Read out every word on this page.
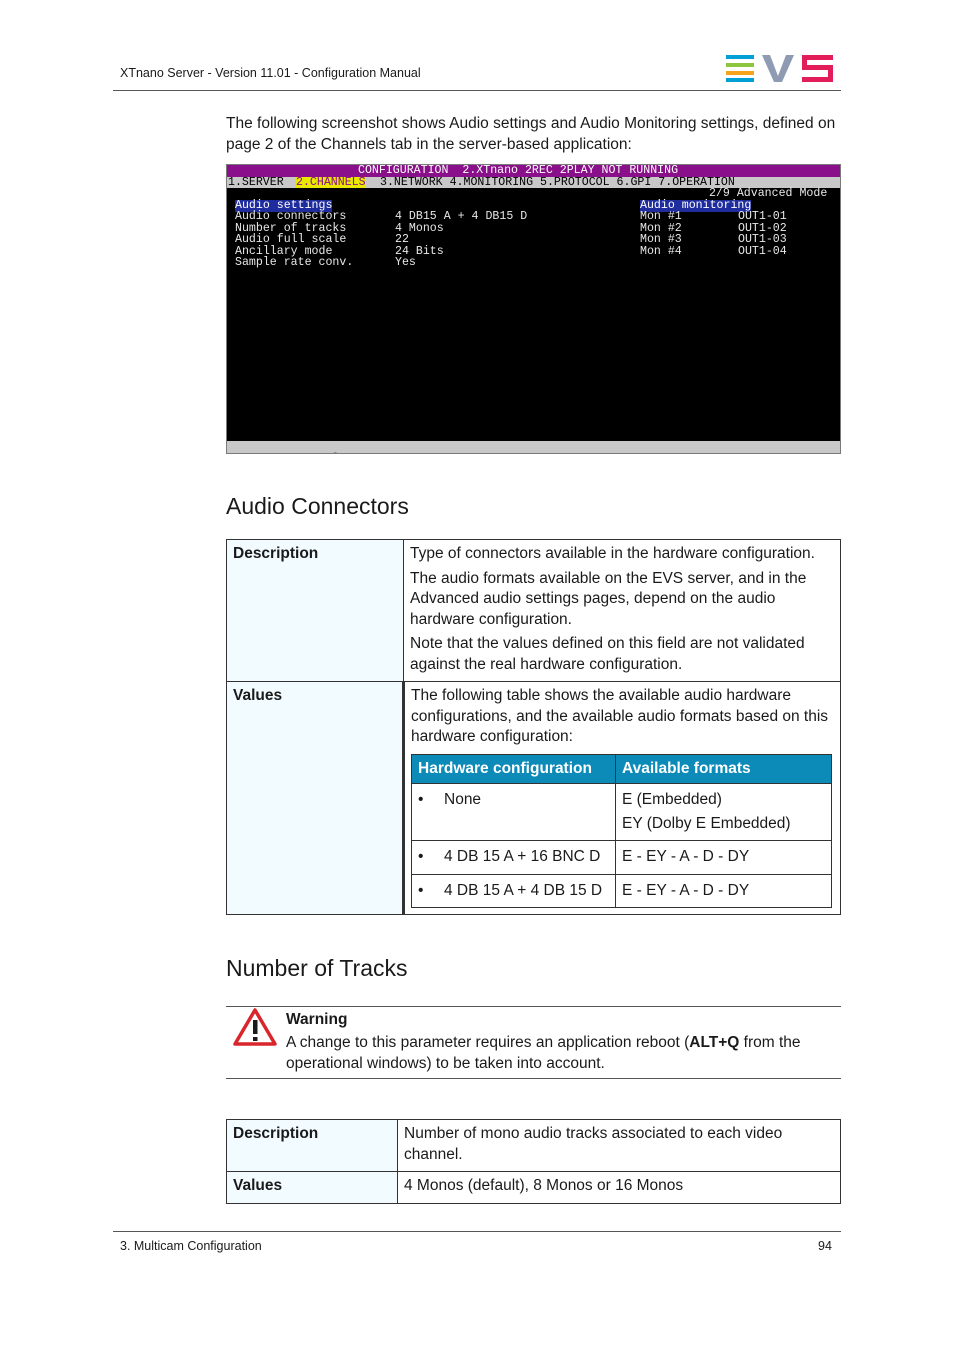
XTnano Server - Version 11.01 - Configuration Manual
The following screenshot shows Audio settings and Audio Monitoring settings, defined on page 2 of the Channels tab in the server-based application:
CONFIGURATION  2.XTnano 2REC 2PLAY NOT RUNNING
1.SERVER 2.CHANNELS 3.NETWORK 4.MONITORING 5.PROTOCOL 6.GPI 7.OPERATION
2/9 Advanced Mode
Audio settings
Audio connectors	4 DB15 A + 4 DB15 D
Number of tracks	4 Monos
Audio full scale	22
Ancillary mode	24 Bits
Sample rate conv.	Yes
Audio monitoring
Mon #1	OUT1-01
Mon #2	OUT1-02
Mon #3	OUT1-03
Mon #4	OUT1-04

Audio Connectors
Description	Type of connectors available in the hardware configuration.

The audio formats available on the EVS server, and in the Advanced audio settings pages, depend on the audio hardware configuration.

Note that the values defined on this field are not validated against the real hardware configuration.

Values	The following table shows the available audio hardware configurations, and the available audio formats based on this hardware configuration:

Hardware configuration	Available formats
• None	E (Embedded)
EY (Dolby E Embedded)

• 4 DB 15 A + 16 BNC D	E - EY - A - D - DY
• 4 DB 15 A + 4 DB 15 D	E - EY - A - D - DY
Number of Tracks
Warning
A change to this parameter requires an application reboot (ALT+Q from the operational windows) to be taken into account.
Description	Number of mono audio tracks associated to each video channel.
Values	4 Monos (default), 8 Monos or 16 Monos
3. Multicam Configuration	94
